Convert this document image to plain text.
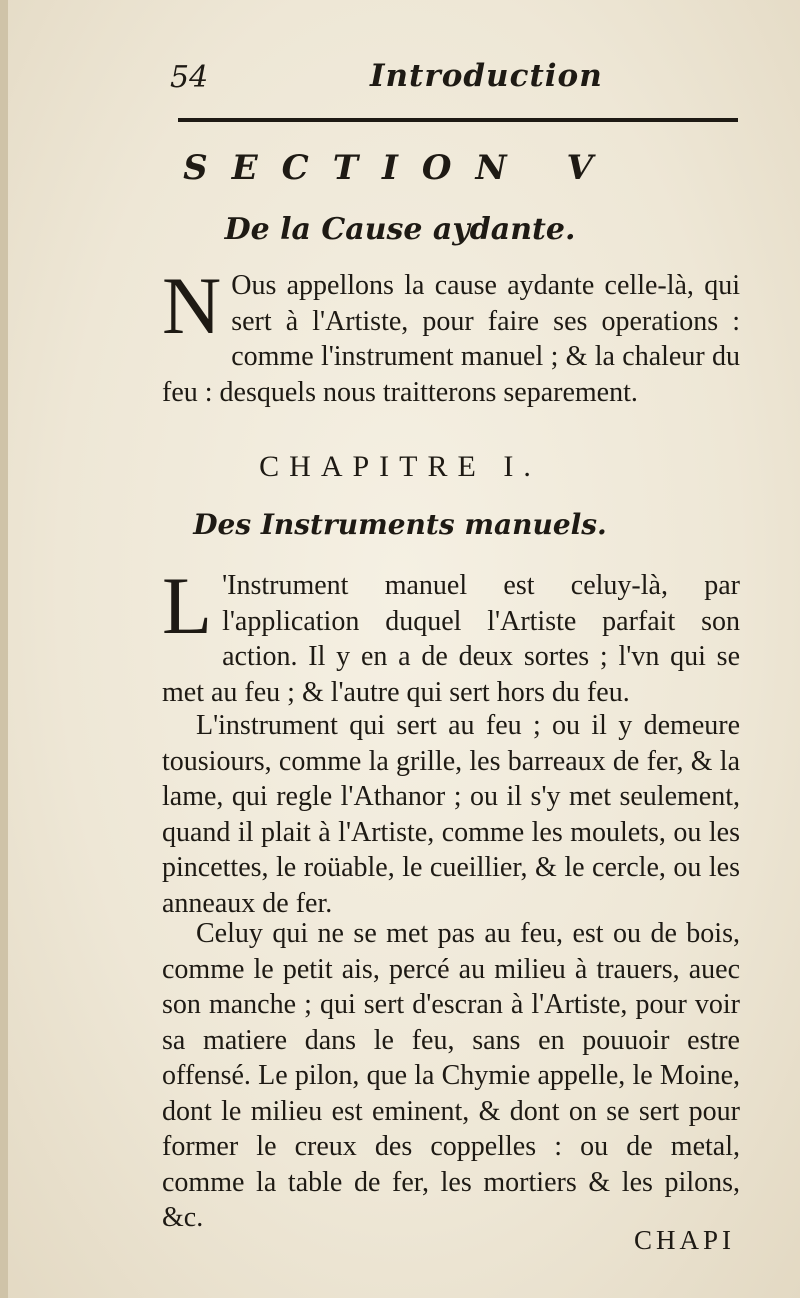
54	Introduction
SECTION V
De la Cause aydante.

N Ous appellons la cause aydante celle-là, qui sert à l'Artiste, pour faire ses operations : comme l'instrument manuel ; & la chaleur du feu : desquels nous traitterons separement.

CHAPITRE I.
Des Instruments manuels.

L 'Instrument manuel est celuy-là, par l'application duquel l'Artiste parfait son action. Il y en a de deux sortes ; l'vn qui se met au feu ; & l'autre qui sert hors du feu.

L'instrument qui sert au feu ; ou il y demeure tousiours, comme la grille, les barreaux de fer, & la lame, qui regle l'Athanor ; ou il s'y met seulement, quand il plait à l'Artiste, comme les moulets, ou les pincettes, le roüable, le cueillier, & le cercle, ou les anneaux de fer.

Celuy qui ne se met pas au feu, est ou de bois, comme le petit ais, percé au milieu à trauers, auec son manche ; qui sert d'escran à l'Artiste, pour voir sa matiere dans le feu, sans en pouuoir estre offensé. Le pilon, que la Chymie appelle, le Moine, dont le milieu est eminent, & dont on se sert pour former le creux des coppelles : ou de metal, comme la table de fer, les mortiers & les pilons, &c.

CHAPI
